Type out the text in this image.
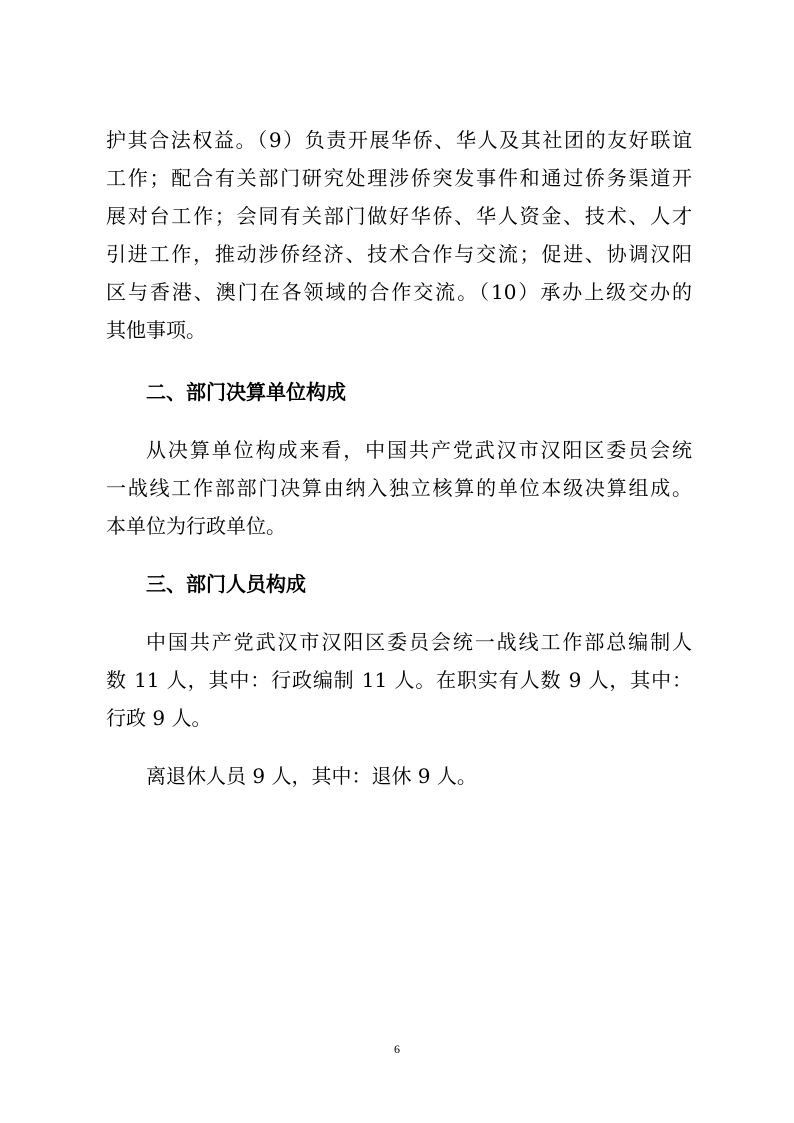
护其合法权益。（9）负责开展华侨、华人及其社团的友好联谊
工作；配合有关部门研究处理涉侨突发事件和通过侨务渠道开
展对台工作；会同有关部门做好华侨、华人资金、技术、人才
引进工作，推动涉侨经济、技术合作与交流；促进、协调汉阳
区与香港、澳门在各领域的合作交流。（10）承办上级交办的
其他事项。
二、部门决算单位构成
从决算单位构成来看，中国共产党武汉市汉阳区委员会统
一战线工作部部门决算由纳入独立核算的单位本级决算组成。
本单位为行政单位。
三、部门人员构成
中国共产党武汉市汉阳区委员会统一战线工作部总编制人
数 11 人，其中：行政编制 11 人。在职实有人数 9 人，其中：
行政 9 人。
离退休人员 9 人，其中：退休 9 人。
6
